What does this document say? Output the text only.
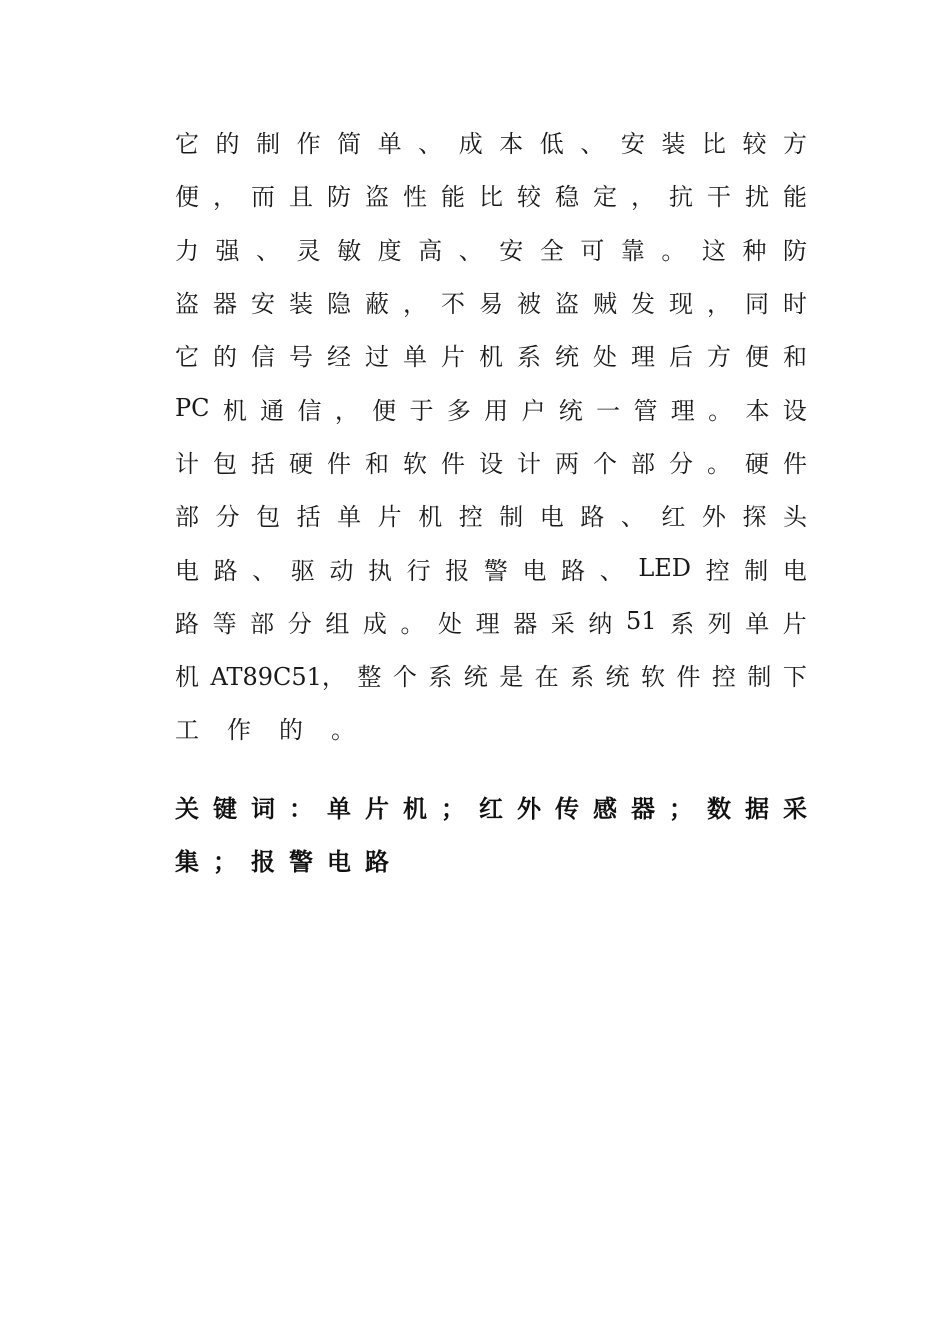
它 的 制 作 简 单 、 成 本 低 、 安 装 比 较 方
便 ， 而 且 防 盗 性 能 比 较 稳 定 ， 抗 干 扰 能
力 强 、 灵 敏 度 高 、 安 全 可 靠 。 这 种 防
盗 器 安 装 隐 蔽 ， 不 易 被 盗 贼 发 现 ， 同 时
它 的 信 号 经 过 单 片 机 系 统 处 理 后 方 便 和
PC 机 通 信 ， 便 于 多 用 户 统 一 管 理 。 本 设
计 包 括 硬 件 和 软 件 设 计 两 个 部 分 。 硬 件
部 分 包 括 单 片 机 控 制 电 路 、 红 外 探 头
电 路 、 驱 动 执 行 报 警 电 路 、 LED 控 制 电
路 等 部 分 组 成 。 处 理 器 采 纳 51 系 列 单 片
机 AT89C51， 整 个 系 统 是 在 系 统 软 件 控 制 下
工 作 的 。
关 键 词 ： 单 片 机 ； 红 外 传 感 器 ； 数 据 采
集 ； 报 警 电 路
